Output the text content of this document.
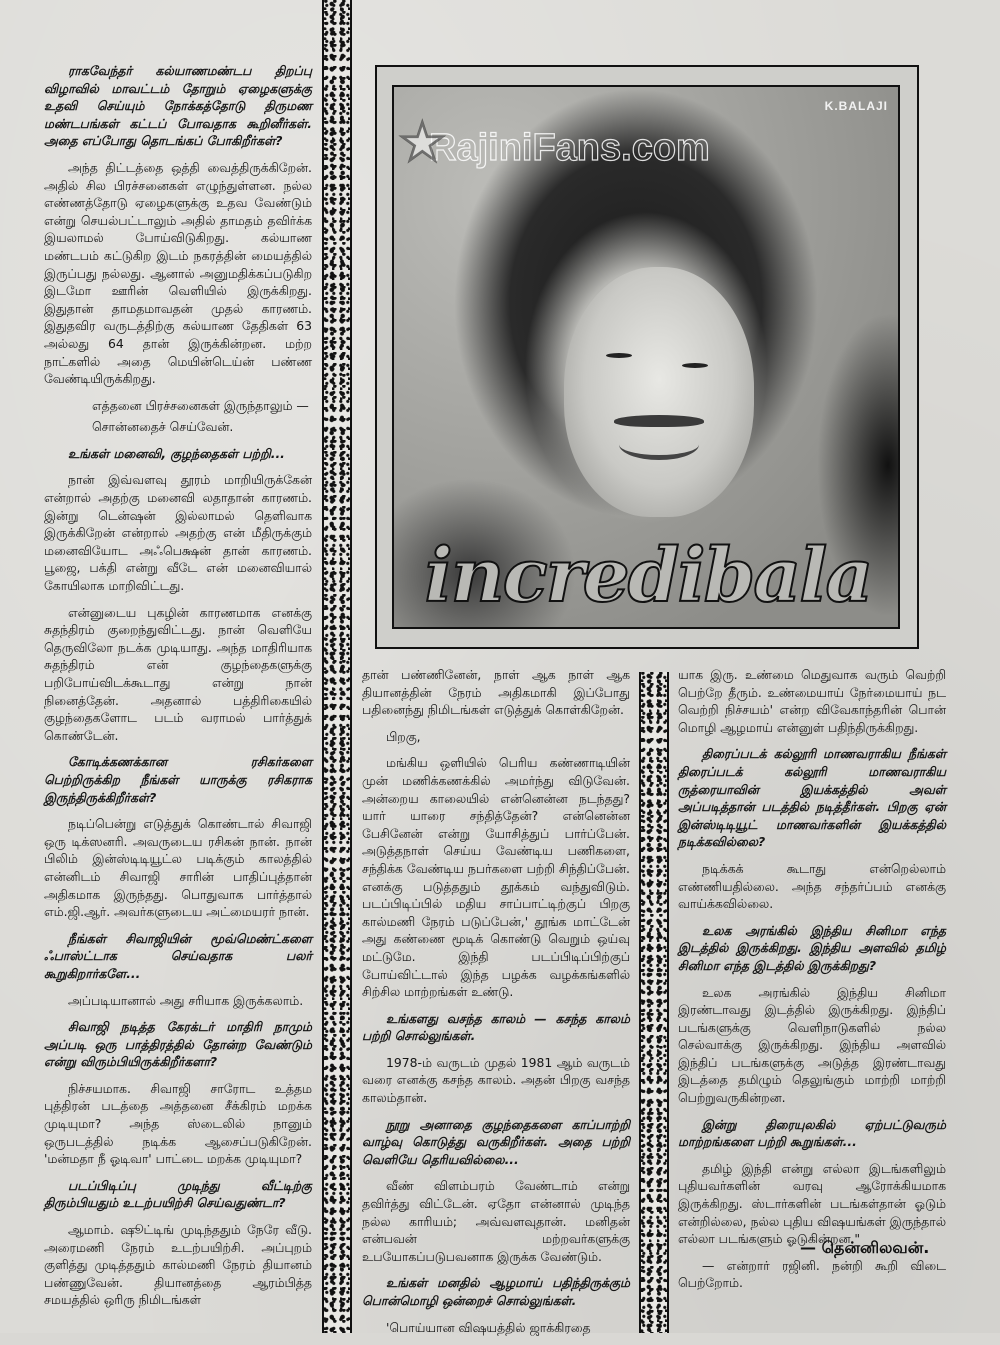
ராகவேந்தர் கல்யாணமண்டப திறப்பு விழாவில் மாவட்டம் தோறும் ஏழைகளுக்கு உதவி செய்யும் நோக்கத்தோடு திருமண மண்டபங்கள் கட்டப் போவதாக கூறினீர்கள். அதை எப்போது தொடங்கப் போகிறீர்கள்?

அந்த திட்டத்தை ஒத்தி வைத்திருக்கிறேன். அதில் சில பிரச்சனைகள் எழுந்துள்ளன. நல்ல எண்ணத்தோடு ஏழைகளுக்கு உதவ வேண்டும் என்று செயல்பட்டாலும் அதில் தாமதம் தவிர்க்க இயலாமல் போய்விடுகிறது. கல்யாண மண்டபம் கட்டுகிற இடம் நகரத்தின் மையத்தில் இருப்பது நல்லது. ஆனால் அனுமதிக்கப்படுகிற இடமோ ஊரின் வெளியில் இருக்கிறது. இதுதான் தாமதமாவதன் முதல் காரணம். இதுதவிர வருடத்திற்கு கல்யாண தேதிகள் 63 அல்லது 64 தான் இருக்கின்றன. மற்ற நாட்களில் அதை மெயின்டெய்ன் பண்ண வேண்டியிருக்கிறது.

எத்தனை பிரச்சனைகள் இருந்தாலும் —

சொன்னதைச் செய்வேன்.

உங்கள் மனைவி, குழந்தைகள் பற்றி...

நான் இவ்வளவு தூரம் மாறியிருக்கேன் என்றால் அதற்கு மனைவி லதாதான் காரணம். இன்று டென்ஷன் இல்லாமல் தெளிவாக இருக்கிறேன் என்றால் அதற்கு என் மீதிருக்கும் மனைவியோட அஃபெக்ஷன் தான் காரணம். பூஜை, பக்தி என்று வீடே என் மனைவியால் கோயிலாக மாறிவிட்டது.

என்னுடைய புகழின் காரணமாக எனக்கு சுதந்திரம் குறைந்துவிட்டது. நான் வெளியே தெருவிலோ நடக்க முடியாது. அந்த மாதிரியாக சுதந்திரம் என் குழந்தைகளுக்கு பறிபோய்விடக்கூடாது என்று நான் நினைத்தேன். அதனால் பத்திரிகையில் குழந்தைகளோட படம் வராமல் பார்த்துக் கொண்டேன்.

கோடிக்கணக்கான ரசிகர்களை பெற்றிருக்கிற நீங்கள் யாருக்கு ரசிகராக இருந்திருக்கிறீர்கள்?

நடிப்பென்று எடுத்துக் கொண்டால் சிவாஜி ஒரு டிக்ஸனரி. அவருடைய ரசிகன் நான். நான் பிலிம் இன்ஸ்டிடியூட்ல படிக்கும் காலத்தில் என்னிடம் சிவாஜி சாரின் பாதிப்புத்தான் அதிகமாக இருந்தது. பொதுவாக பார்த்தால் எம்.ஜி.ஆர். அவர்களுடைய அட்மையரர் நான்.

நீங்கள் சிவாஜியின் மூவ்மெண்ட்களை ஃபாஸ்ட்டாக செய்வதாக பலர் கூறுகிறார்களே...

அப்படியானால் அது சரியாக இருக்கலாம்.

சிவாஜி நடித்த கேரக்டர் மாதிரி நாமும் அப்படி ஒரு பாத்திரத்தில் தோன்ற வேண்டும் என்று விரும்பியிருக்கிறீர்களா?

நிச்சயமாக. சிவாஜி சாரோட உத்தம புத்திரன் படத்தை அத்தனை சீக்கிரம் மறக்க முடியுமா? அந்த ஸ்டைலில் நானும் ஒருபடத்தில் நடிக்க ஆசைப்படுகிறேன். 'மன்மதா நீ ஓடிவா' பாட்டை மறக்க முடியுமா?

படப்பிடிப்பு முடிந்து வீட்டிற்கு திரும்பியதும் உடற்பயிற்சி செய்வதுண்டா?

ஆமாம். ஷூட்டிங் முடிந்ததும் நேரே வீடு. அரைமணி நேரம் உடற்பயிற்சி. அப்புறம் குளித்து முடித்ததும் கால்மணி நேரம் தியானம் பண்ணுவேன். தியானத்தை ஆரம்பித்த சமயத்தில் ஒரிரு நிமிடங்கள்

K.BALAJI
★
RajiniFans.com
incredibala

தான் பண்ணினேன், நாள் ஆக நாள் ஆக தியானத்தின் நேரம் அதிகமாகி இப்போது பதினைந்து நிமிடங்கள் எடுத்துக் கொள்கிறேன்.

பிறகு,

மங்கிய ஒளியில் பெரிய கண்ணாடியின் முன் மணிக்கணக்கில் அமர்ந்து விடுவேன். அன்றைய காலையில் என்னென்ன நடந்தது? யார் யாரை சந்தித்தேன்? என்னென்ன பேசினேன் என்று யோசித்துப் பார்ப்பேன். அடுத்தநாள் செய்ய வேண்டிய பணிகளை, சந்திக்க வேண்டிய நபர்களை பற்றி சிந்திப்பேன். எனக்கு படுத்ததும் தூக்கம் வந்துவிடும். படப்பிடிப்பில் மதிய சாப்பாட்டிற்குப் பிறகு கால்மணி நேரம் படுப்பேன்,' தூங்க மாட்டேன் அது கண்ணை மூடிக் கொண்டு வெறும் ஒய்வு மட்டுமே. இந்தி படப்பிடிப்பிற்குப் போய்விட்டால் இந்த பழக்க வழக்கங்களில் சிற்சில மாற்றங்கள் உண்டு.

உங்களது வசந்த காலம் — கசந்த காலம் பற்றி சொல்லுங்கள்.

1978-ம் வருடம் முதல் 1981 ஆம் வருடம் வரை எனக்கு கசந்த காலம். அதன் பிறகு வசந்த காலம்தான்.

நூறு அனாதை குழந்தைகளை காப்பாற்றி வாழ்வு கொடுத்து வருகிறீர்கள். அதை பற்றி வெளியே தெரியவில்லை...

வீண் விளம்பரம் வேண்டாம் என்று தவிர்த்து விட்டேன். ஏதோ என்னால் முடிந்த நல்ல காரியம்; அவ்வளவுதான். மனிதன் என்பவன் மற்றவர்களுக்கு உபயோகப்படுபவனாக இருக்க வேண்டும்.

உங்கள் மனதில் ஆழமாய் பதிந்திருக்கும் பொன்மொழி ஒன்றைச் சொல்லுங்கள்.

'பொய்யான விஷயத்தில் ஜாக்கிரதை

யாக இரு. உண்மை மெதுவாக வரும் வெற்றி பெற்றே தீரும். உண்மையாய் நேர்மையாய் நட வெற்றி நிச்சயம்' என்ற விவேகாந்தரின் பொன் மொழி ஆழமாய் என்னுள் பதிந்திருக்கிறது.

திரைப்படக் கல்லூரி மாணவராகிய நீங்கள் திரைப்படக் கல்லூரி மாணவராகிய ருத்ரையாவின் இயக்கத்தில் அவள் அப்படித்தான் படத்தில் நடித்தீர்கள். பிறகு ஏன் இன்ஸ்டிடியூட் மாணவர்களின் இயக்கத்தில் நடிக்கவில்லை?

நடிக்கக் கூடாது என்றெல்லாம் எண்ணியதில்லை. அந்த சந்தர்ப்பம் எனக்கு வாய்க்கவில்லை.

உலக அரங்கில் இந்திய சினிமா எந்த இடத்தில் இருக்கிறது. இந்திய அளவில் தமிழ் சினிமா எந்த இடத்தில் இருக்கிறது?

உலக அரங்கில் இந்திய சினிமா இரண்டாவது இடத்தில் இருக்கிறது. இந்திப் படங்களுக்கு வெளிநாடுகளில் நல்ல செல்வாக்கு இருக்கிறது. இந்திய அளவில் இந்திப் படங்களுக்கு அடுத்த இரண்டாவது இடத்தை தமிழும் தெலுங்கும் மாற்றி மாற்றி பெற்றுவருகின்றன.

இன்று திரையுலகில் ஏற்பட்டுவரும் மாற்றங்களை பற்றி கூறுங்கள்...

தமிழ் இந்தி என்று எல்லா இடங்களிலும் புதியவர்களின் வரவு ஆரோக்கியமாக இருக்கிறது. ஸ்டார்களின் படங்கள்தான் ஓடும் என்றில்லை, நல்ல புதிய விஷயங்கள் இருந்தால் எல்லா படங்களும் ஓடுகின்றன."

— என்றார் ரஜினி. நன்றி கூறி விடை பெற்றோம்.

— தென்னிலவன்.
